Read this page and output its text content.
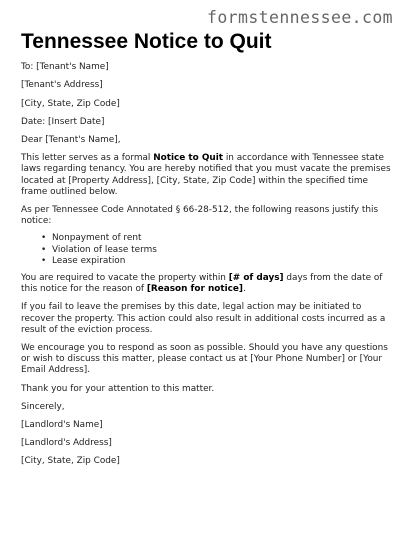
formstennessee.com
Tennessee Notice to Quit

To: [Tenant's Name]

[Tenant's Address]

[City, State, Zip Code]

Date: [Insert Date]

Dear [Tenant's Name],

This letter serves as a formal Notice to Quit in accordance with Tennessee state laws regarding tenancy. You are hereby notified that you must vacate the premises located at [Property Address], [City, State, Zip Code] within the specified time frame outlined below.

As per Tennessee Code Annotated § 66-28-512, the following reasons justify this notice:

• Nonpayment of rent
• Violation of lease terms
• Lease expiration

You are required to vacate the property within [# of days] days from the date of this notice for the reason of [Reason for notice].

If you fail to leave the premises by this date, legal action may be initiated to recover the property. This action could also result in additional costs incurred as a result of the eviction process.

We encourage you to respond as soon as possible. Should you have any questions or wish to discuss this matter, please contact us at [Your Phone Number] or [Your Email Address].

Thank you for your attention to this matter.

Sincerely,

[Landlord's Name]

[Landlord's Address]

[City, State, Zip Code]
